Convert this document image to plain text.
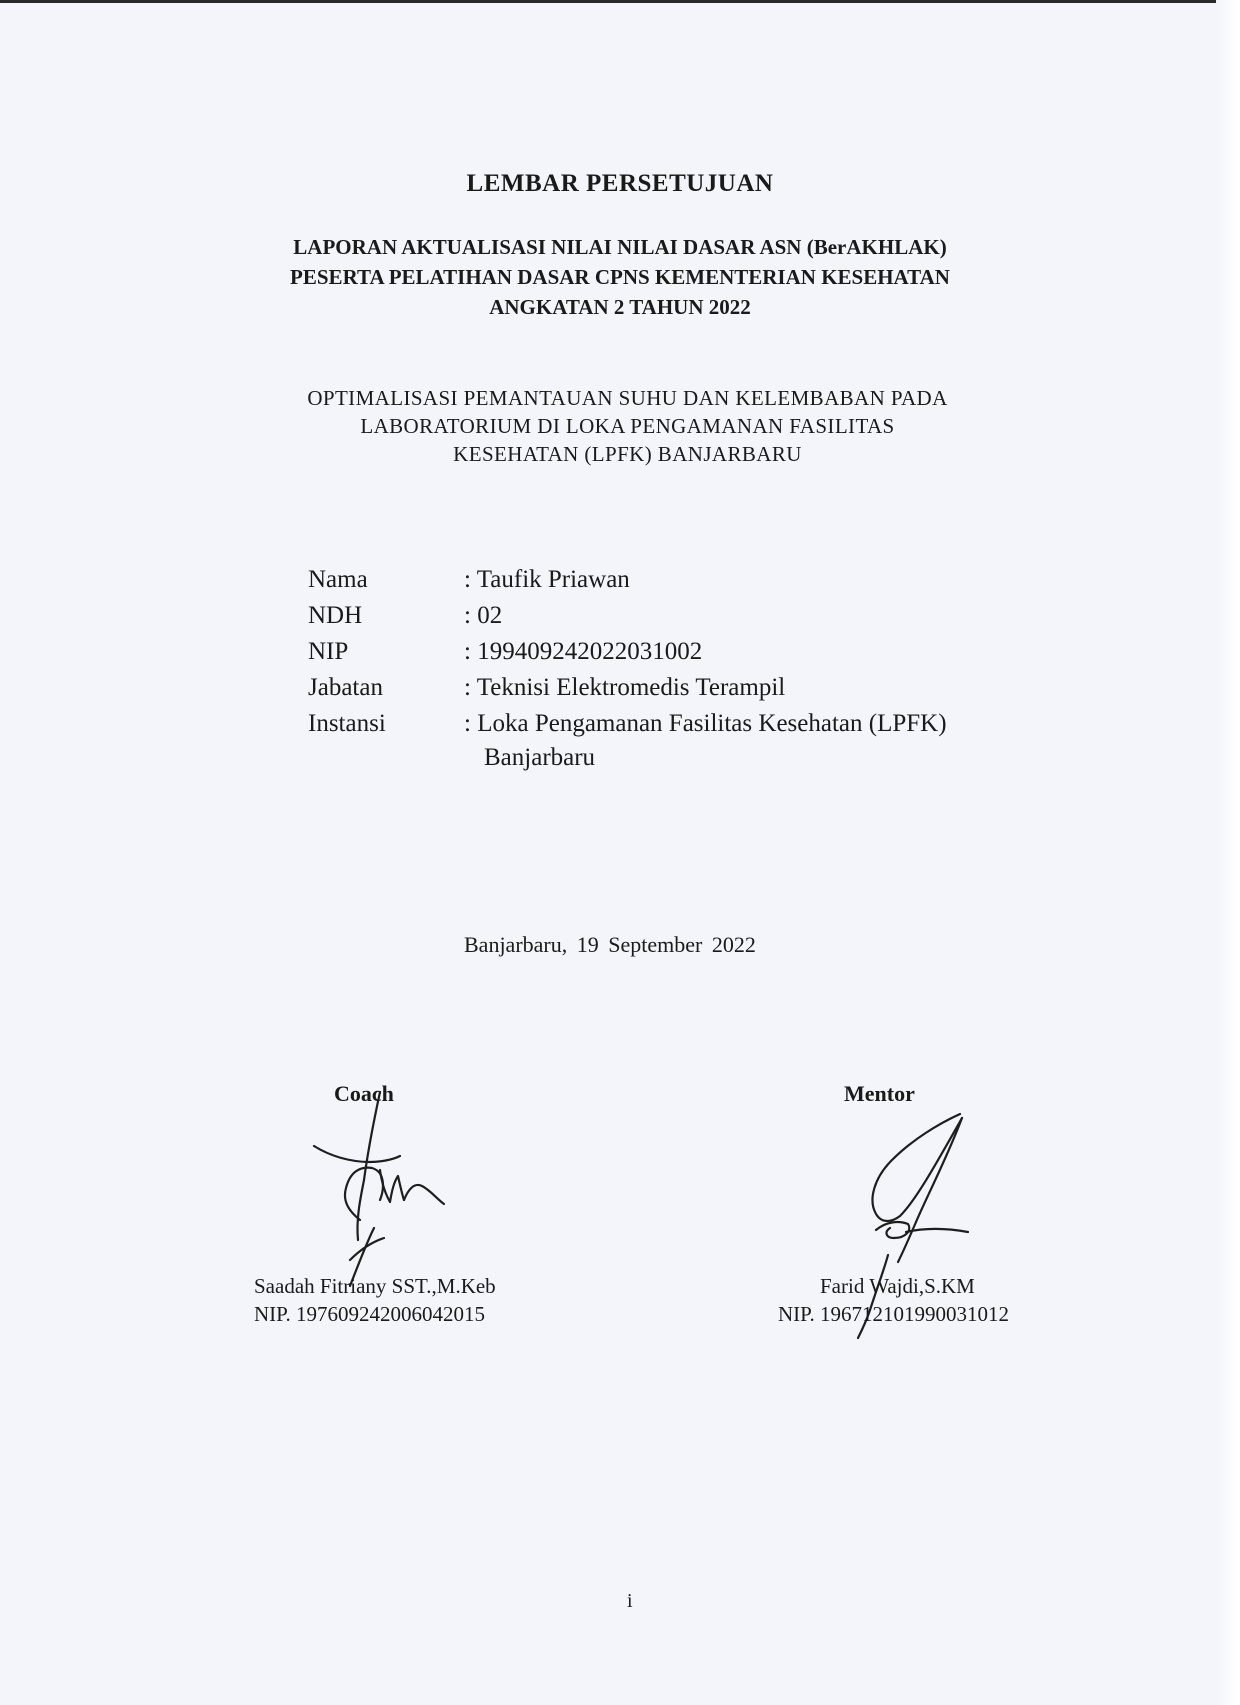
LEMBAR PERSETUJUAN
LAPORAN AKTUALISASI NILAI NILAI DASAR ASN (BerAKHLAK)
PESERTA PELATIHAN DASAR CPNS KEMENTERIAN KESEHATAN
ANGKATAN 2 TAHUN 2022
OPTIMALISASI PEMANTAUAN SUHU DAN KELEMBABAN PADA
LABORATORIUM DI LOKA PENGAMANAN FASILITAS
KESEHATAN (LPFK) BANJARBARU
Nama	: Taufik Priawan
NDH	: 02
NIP	: 199409242022031002
Jabatan	: Teknisi Elektromedis Terampil
Instansi	: Loka Pengamanan Fasilitas Kesehatan (LPFK)
Banjarbaru
Banjarbaru, 19 September 2022
Coach
Saadah Fitriany SST.,M.Keb
NIP. 197609242006042015
Mentor
Farid Wajdi,S.KM
NIP. 196712101990031012
i
